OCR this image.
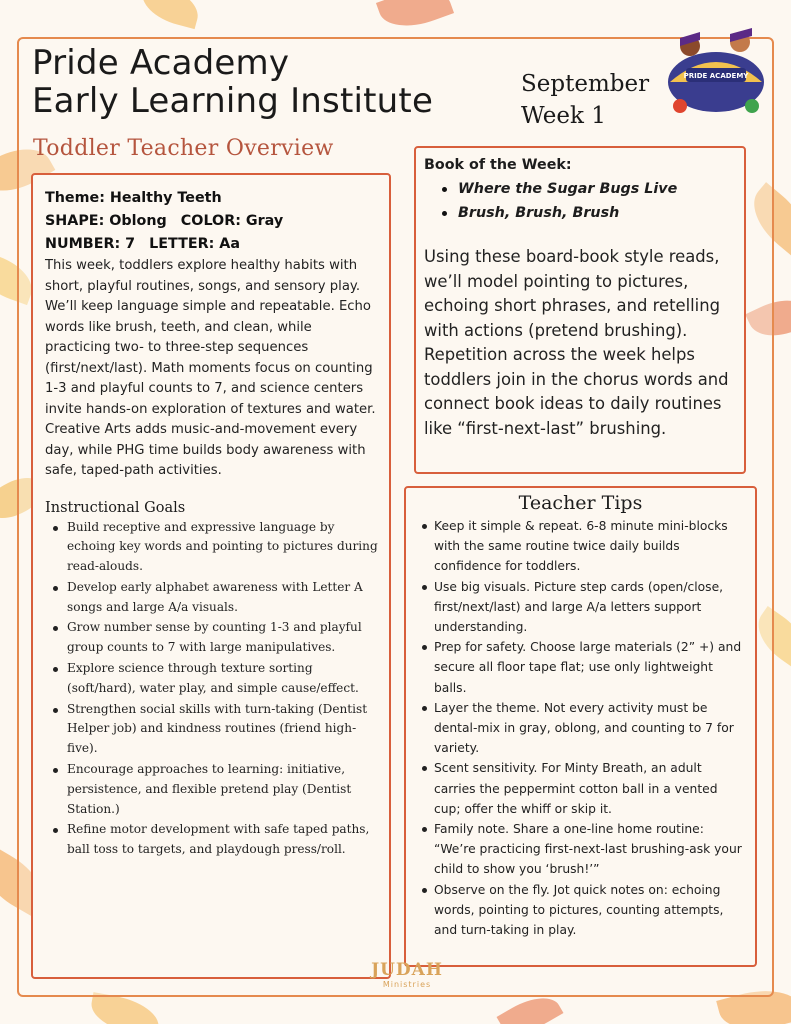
Pride Academy
Early Learning Institute	September
Week 1
PRIDE ACADEMY
Toddler Teacher Overview
Theme: Healthy Teeth
SHAPE: Oblong COLOR: Gray
NUMBER: 7 LETTER: Aa

This week, toddlers explore healthy habits with short, playful routines, songs, and sensory play. We’ll keep language simple and repeatable. Echo words like brush, teeth, and clean, while practicing two- to three-step sequences (first/next/last). Math moments focus on counting 1-3 and playful counts to 7, and science centers invite hands-on exploration of textures and water. Creative Arts adds music-and-movement every day, while PHG time builds body awareness with safe, taped-path activities.

Instructional Goals
Build receptive and expressive language by echoing key words and pointing to pictures during read-alouds.
Develop early alphabet awareness with Letter A songs and large A/a visuals.
Grow number sense by counting 1-3 and playful group counts to 7 with large manipulatives.
Explore science through texture sorting (soft/hard), water play, and simple cause/effect.
Strengthen social skills with turn-taking (Dentist Helper job) and kindness routines (friend high-five).
Encourage approaches to learning: initiative, persistence, and flexible pretend play (Dentist Station.)
Refine motor development with safe taped paths, ball toss to targets, and playdough press/roll.
Book of the Week:
Where the Sugar Bugs Live
Brush, Brush, Brush

Using these board-book style reads, we’ll model pointing to pictures, echoing short phrases, and retelling with actions (pretend brushing). Repetition across the week helps toddlers join in the chorus words and connect book ideas to daily routines like “first-next-last” brushing.

Teacher Tips
Keep it simple & repeat. 6-8 minute mini-blocks with the same routine twice daily builds confidence for toddlers.
Use big visuals. Picture step cards (open/close, first/next/last) and large A/a letters support understanding.
Prep for safety. Choose large materials (2” +) and secure all floor tape flat; use only lightweight balls.
Layer the theme. Not every activity must be dental-mix in gray, oblong, and counting to 7 for variety.
Scent sensitivity. For Minty Breath, an adult carries the peppermint cotton ball in a vented cup; offer the whiff or skip it.
Family note. Share a one-line home routine: “We’re practicing first-next-last brushing-ask your child to show you ‘brush!’”
Observe on the fly. Jot quick notes on: echoing words, pointing to pictures, counting attempts, and turn-taking in play.
JUDAH
Ministries
